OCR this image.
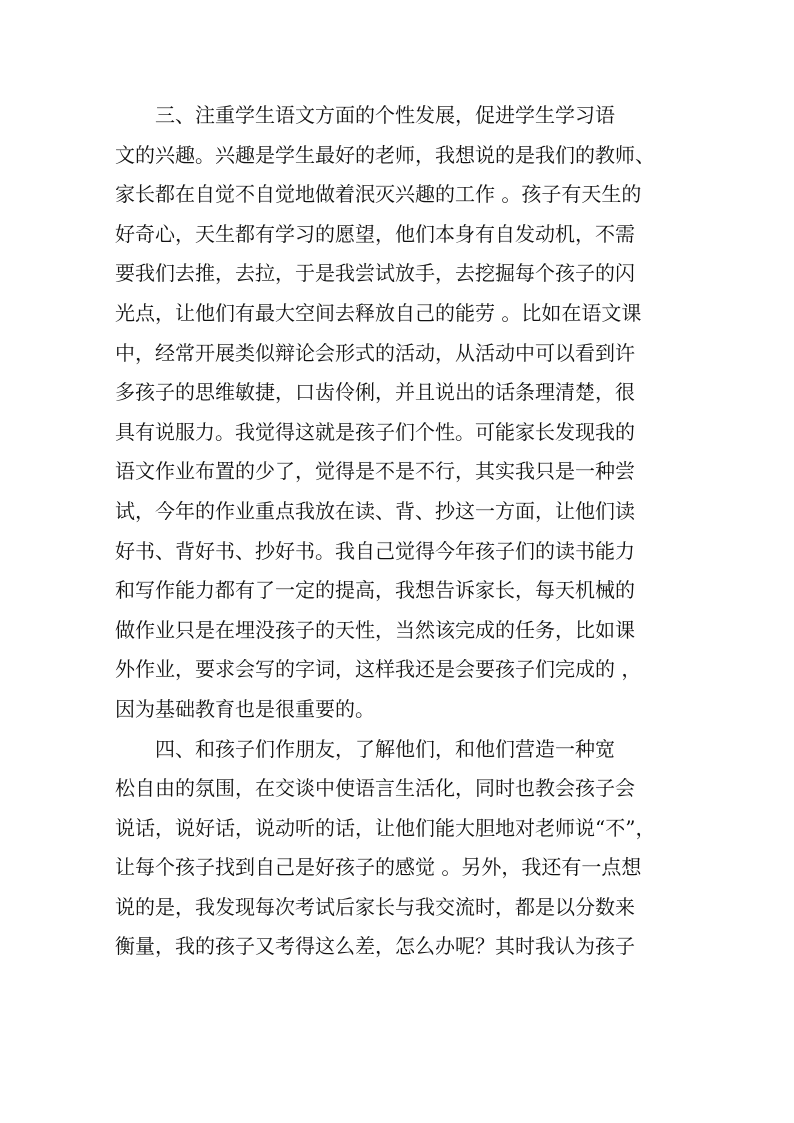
三、注重学生语文方面的个性发展，促进学生学习语
文的兴趣。兴趣是学生最好的老师，我想说的是我们的教师、
家长都在自觉不自觉地做着泯灭兴趣的工作 。孩子有天生的
好奇心，天生都有学习的愿望，他们本身有自发动机，不需
要我们去推，去拉，于是我尝试放手，去挖掘每个孩子的闪
光点，让他们有最大空间去释放自己的能劳 。比如在语文课
中，经常开展类似辩论会形式的活动，从活动中可以看到许
多孩子的思维敏捷，口齿伶俐，并且说出的话条理清楚，很
具有说服力。我觉得这就是孩子们个性。可能家长发现我的
语文作业布置的少了，觉得是不是不行，其实我只是一种尝
试，今年的作业重点我放在读、背、抄这一方面，让他们读
好书、背好书、抄好书。我自己觉得今年孩子们的读书能力
和写作能力都有了一定的提高，我想告诉家长，每天机械的
做作业只是在埋没孩子的天性，当然该完成的任务，比如课
外作业，要求会写的字词，这样我还是会要孩子们完成的 ，
因为基础教育也是很重要的。
四、和孩子们作朋友，了解他们，和他们营造一种宽
松自由的氛围，在交谈中使语言生活化，同时也教会孩子会
说话，说好话，说动听的话，让他们能大胆地对老师说“不”，
让每个孩子找到自己是好孩子的感觉 。另外，我还有一点想
说的是，我发现每次考试后家长与我交流时，都是以分数来
衡量，我的孩子又考得这么差，怎么办呢？其时我认为孩子
